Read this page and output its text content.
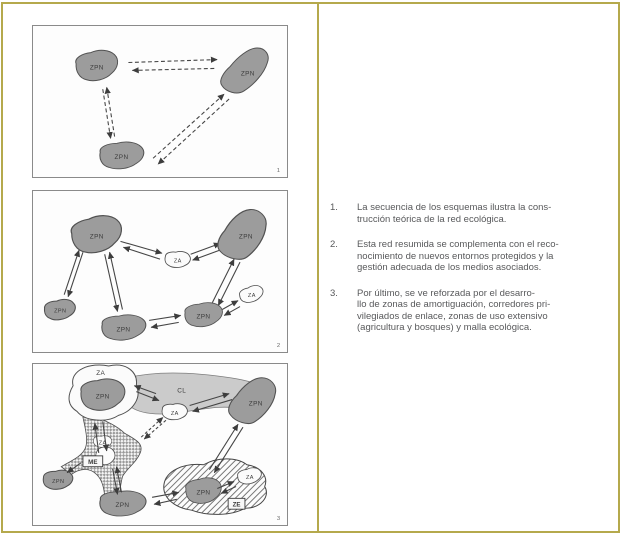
ZPN
ZPN
ZPN
1
ZPN	ZPN
ZPN
ZPN
ZPN
ZA
ZA
2
CL
ZA
ZPN
ZPN
ZA
ZA
ME
ZPN
ZPN
ZPN
ZA
ZE
3
1.	La secuencia de los esquemas ilustra la cons-
trucción teórica de la red ecológica.
2.	Esta red resumida se complementa con el reco-
nocimiento de nuevos entornos protegidos y la
gestión adecuada de los medios asociados.
3.	Por último, se ve reforzada por el desarro-
llo de zonas de amortiguación, corredores pri-
vilegiados de enlace, zonas de uso extensivo
(agricultura y bosques) y malla ecológica.
